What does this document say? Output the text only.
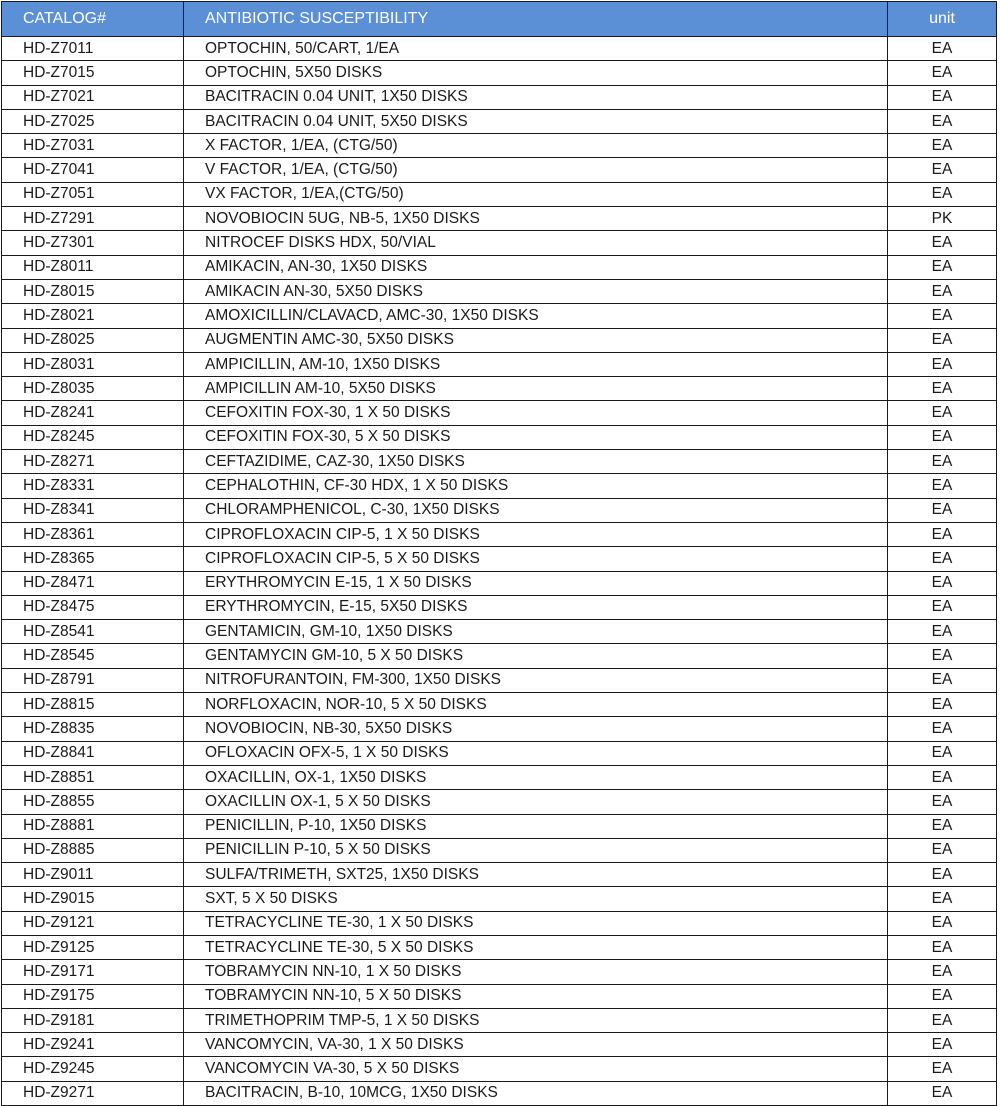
CATALOG#	ANTIBIOTIC SUSCEPTIBILITY	unit
HD-Z7011	OPTOCHIN, 50/CART, 1/EA	EA
HD-Z7015	OPTOCHIN, 5X50 DISKS	EA
HD-Z7021	BACITRACIN 0.04 UNIT, 1X50 DISKS	EA
HD-Z7025	BACITRACIN 0.04 UNIT, 5X50 DISKS	EA
HD-Z7031	X FACTOR, 1/EA, (CTG/50)	EA
HD-Z7041	V FACTOR, 1/EA, (CTG/50)	EA
HD-Z7051	VX FACTOR, 1/EA,(CTG/50)	EA
HD-Z7291	NOVOBIOCIN 5UG, NB-5, 1X50 DISKS	PK
HD-Z7301	NITROCEF DISKS HDX, 50/VIAL	EA
HD-Z8011	AMIKACIN, AN-30, 1X50 DISKS	EA
HD-Z8015	AMIKACIN AN-30, 5X50 DISKS	EA
HD-Z8021	AMOXICILLIN/CLAVACD, AMC-30, 1X50 DISKS	EA
HD-Z8025	AUGMENTIN AMC-30, 5X50 DISKS	EA
HD-Z8031	AMPICILLIN, AM-10, 1X50 DISKS	EA
HD-Z8035	AMPICILLIN AM-10, 5X50 DISKS	EA
HD-Z8241	CEFOXITIN FOX-30, 1 X 50 DISKS	EA
HD-Z8245	CEFOXITIN FOX-30, 5 X 50 DISKS	EA
HD-Z8271	CEFTAZIDIME, CAZ-30, 1X50 DISKS	EA
HD-Z8331	CEPHALOTHIN, CF-30 HDX, 1 X 50 DISKS	EA
HD-Z8341	CHLORAMPHENICOL, C-30, 1X50 DISKS	EA
HD-Z8361	CIPROFLOXACIN CIP-5, 1 X 50 DISKS	EA
HD-Z8365	CIPROFLOXACIN CIP-5, 5 X 50 DISKS	EA
HD-Z8471	ERYTHROMYCIN E-15, 1 X 50 DISKS	EA
HD-Z8475	ERYTHROMYCIN, E-15, 5X50 DISKS	EA
HD-Z8541	GENTAMICIN, GM-10, 1X50 DISKS	EA
HD-Z8545	GENTAMYCIN GM-10, 5 X 50 DISKS	EA
HD-Z8791	NITROFURANTOIN, FM-300, 1X50 DISKS	EA
HD-Z8815	NORFLOXACIN, NOR-10, 5 X 50 DISKS	EA
HD-Z8835	NOVOBIOCIN, NB-30, 5X50 DISKS	EA
HD-Z8841	OFLOXACIN OFX-5, 1 X 50 DISKS	EA
HD-Z8851	OXACILLIN, OX-1, 1X50 DISKS	EA
HD-Z8855	OXACILLIN OX-1, 5 X 50 DISKS	EA
HD-Z8881	PENICILLIN, P-10, 1X50 DISKS	EA
HD-Z8885	PENICILLIN P-10, 5 X 50 DISKS	EA
HD-Z9011	SULFA/TRIMETH, SXT25, 1X50 DISKS	EA
HD-Z9015	SXT, 5 X 50 DISKS	EA
HD-Z9121	TETRACYCLINE TE-30, 1 X 50 DISKS	EA
HD-Z9125	TETRACYCLINE TE-30, 5 X 50 DISKS	EA
HD-Z9171	TOBRAMYCIN NN-10, 1 X 50 DISKS	EA
HD-Z9175	TOBRAMYCIN NN-10, 5 X 50 DISKS	EA
HD-Z9181	TRIMETHOPRIM TMP-5, 1 X 50 DISKS	EA
HD-Z9241	VANCOMYCIN, VA-30, 1 X 50 DISKS	EA
HD-Z9245	VANCOMYCIN VA-30, 5 X 50 DISKS	EA
HD-Z9271	BACITRACIN, B-10, 10MCG, 1X50 DISKS	EA
